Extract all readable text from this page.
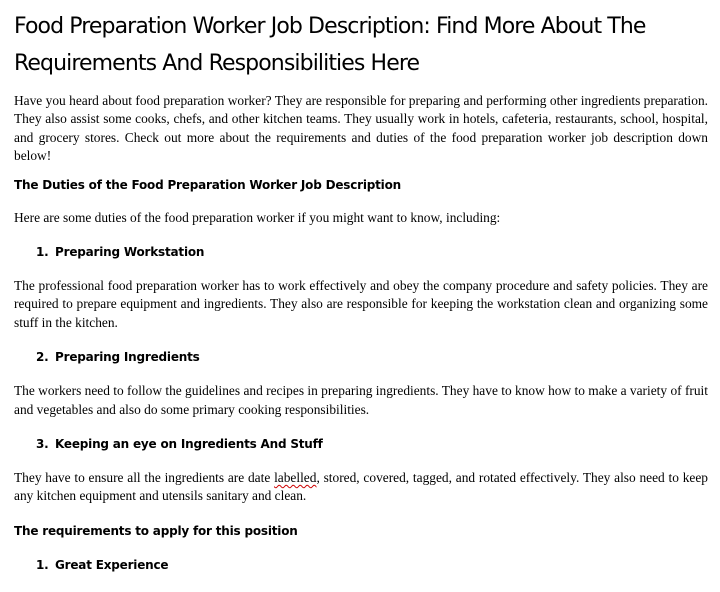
Food Preparation Worker Job Description: Find More About The Requirements And Responsibilities Here

Have you heard about food preparation worker? They are responsible for preparing and performing other ingredients preparation. They also assist some cooks, chefs, and other kitchen teams. They usually work in hotels, cafeteria, restaurants, school, hospital, and grocery stores. Check out more about the requirements and duties of the food preparation worker job description down below!

The Duties of the Food Preparation Worker Job Description

Here are some duties of the food preparation worker if you might want to know, including:

1. Preparing Workstation

The professional food preparation worker has to work effectively and obey the company procedure and safety policies. They are required to prepare equipment and ingredients. They also are responsible for keeping the workstation clean and organizing some stuff in the kitchen.

2. Preparing Ingredients

The workers need to follow the guidelines and recipes in preparing ingredients. They have to know how to make a variety of fruit and vegetables and also do some primary cooking responsibilities.

3. Keeping an eye on Ingredients And Stuff

They have to ensure all the ingredients are date labelled, stored, covered, tagged, and rotated effectively. They also need to keep any kitchen equipment and utensils sanitary and clean.

The requirements to apply for this position
1. Great Experience
